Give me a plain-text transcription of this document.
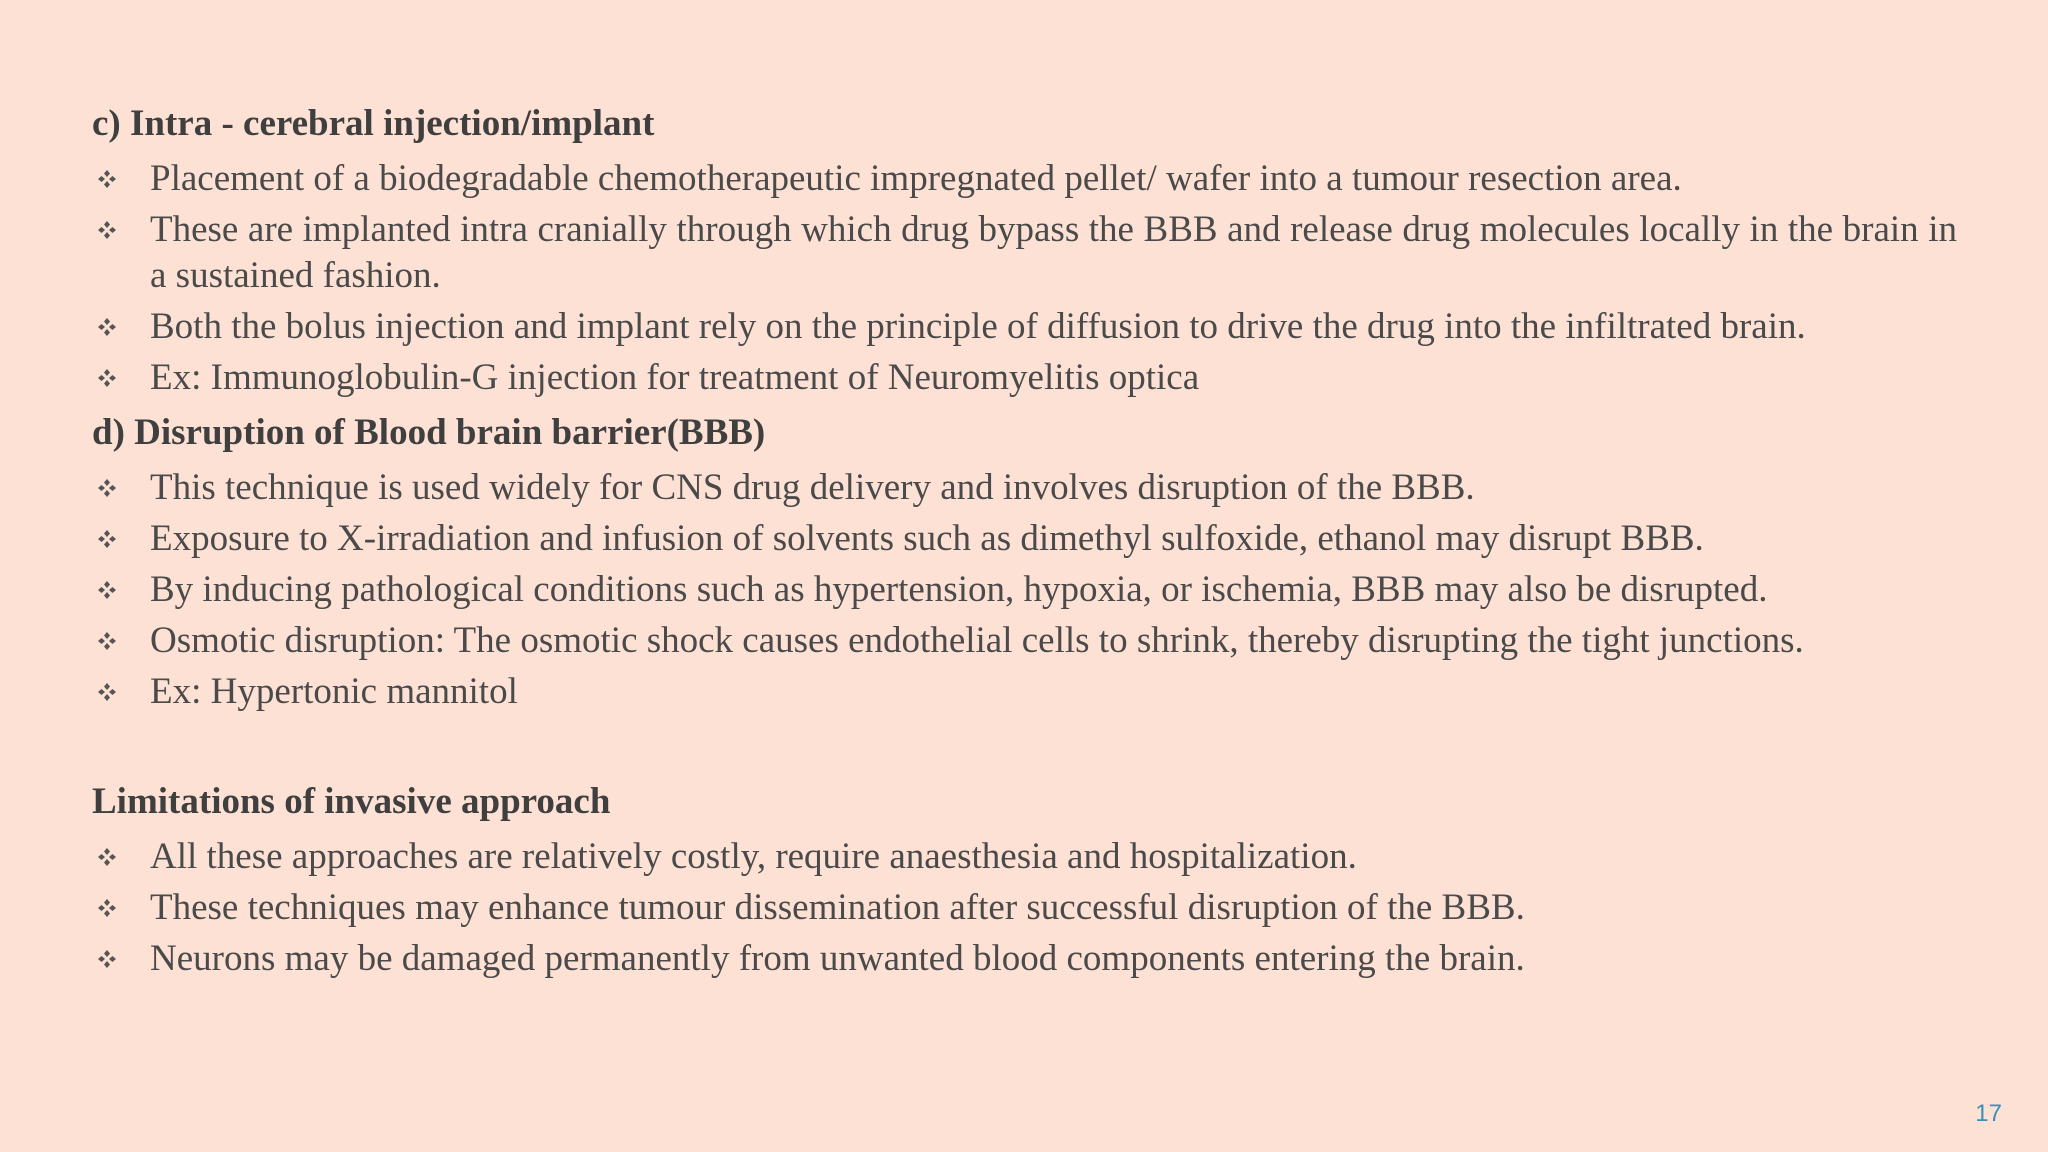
c) Intra - cerebral injection/implant
Placement of a biodegradable chemotherapeutic impregnated pellet/ wafer into a tumour resection area.
These are implanted intra cranially through which drug bypass the BBB and release drug molecules locally in the brain in a sustained fashion.
Both the bolus injection and implant rely on the principle of diffusion to drive the drug into the infiltrated brain.
Ex: Immunoglobulin-G injection for treatment of Neuromyelitis optica
d) Disruption of Blood brain barrier(BBB)
This technique is used widely for CNS drug delivery and involves disruption of the BBB.
Exposure to X-irradiation and infusion of solvents such as dimethyl sulfoxide, ethanol may disrupt BBB.
By inducing pathological conditions such as hypertension, hypoxia, or ischemia, BBB may also be disrupted.
Osmotic disruption: The osmotic shock causes endothelial cells to shrink, thereby disrupting the tight junctions.
Ex: Hypertonic mannitol
Limitations of invasive approach
All these approaches are relatively costly, require anaesthesia and hospitalization.
These techniques may enhance tumour dissemination after successful disruption of the BBB.
Neurons may be damaged permanently from unwanted blood components entering the brain.
17
